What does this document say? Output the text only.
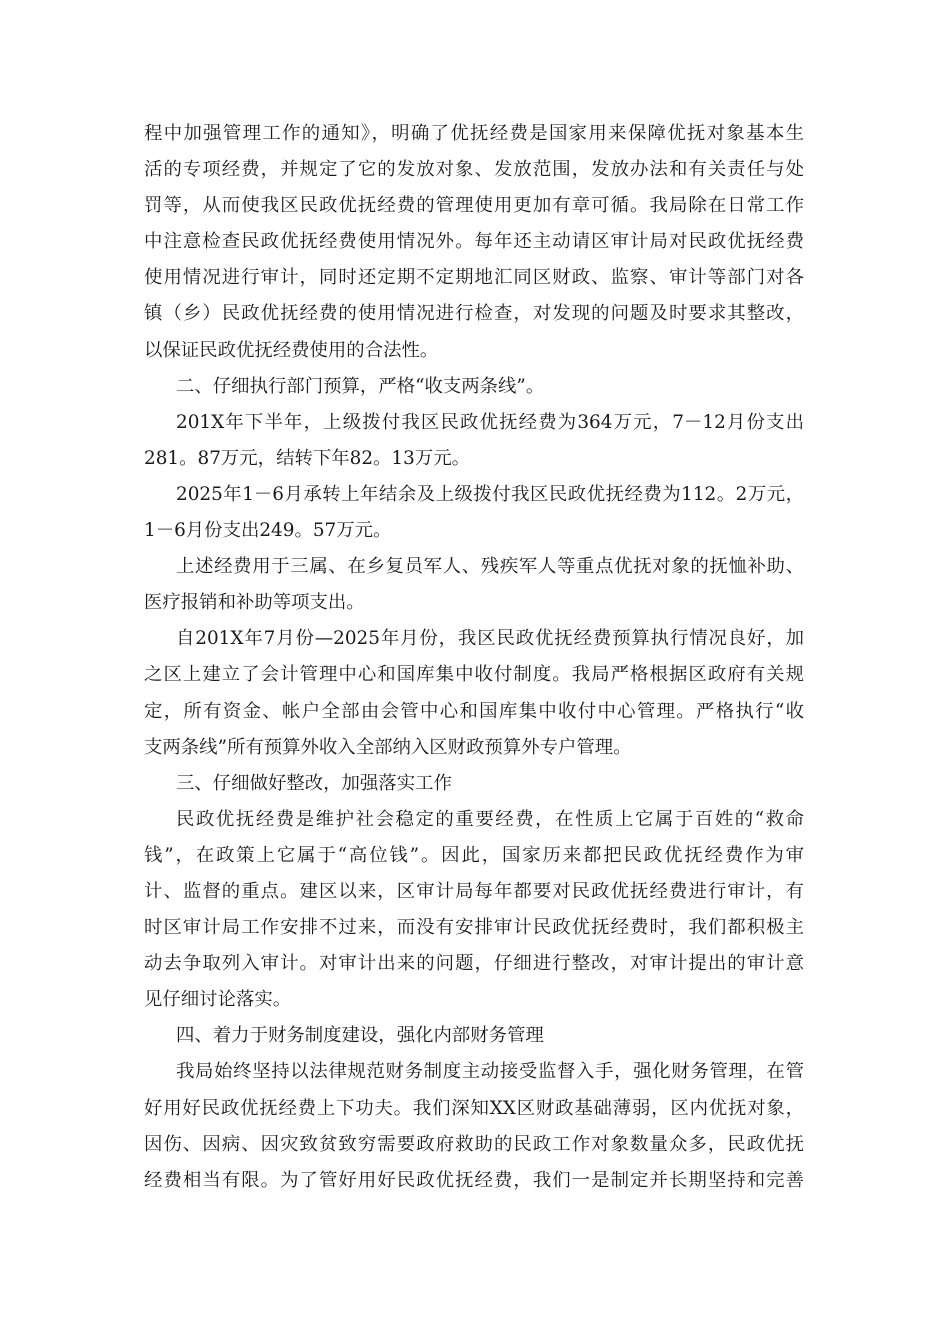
程中加强管理工作的通知》，明确了优抚经费是国家用来保障优抚对象基本生
活的专项经费，并规定了它的发放对象、发放范围，发放办法和有关责任与处
罚等，从而使我区民政优抚经费的管理使用更加有章可循。我局除在日常工作
中注意检查民政优抚经费使用情况外。每年还主动请区审计局对民政优抚经费
使用情况进行审计，同时还定期不定期地汇同区财政、监察、审计等部门对各
镇（乡）民政优抚经费的使用情况进行检查，对发现的问题及时要求其整改，
以保证民政优抚经费使用的合法性。
二、仔细执行部门预算，严格“收支两条线”。
201X年下半年，上级拨付我区民政优抚经费为364万元，7－12月份支出
281。87万元，结转下年82。13万元。
2025年1－6月承转上年结余及上级拨付我区民政优抚经费为112。2万元，
1－6月份支出249。57万元。
上述经费用于三属、在乡复员军人、残疾军人等重点优抚对象的抚恤补助、
医疗报销和补助等项支出。
自201X年7月份—2025年月份，我区民政优抚经费预算执行情况良好，加
之区上建立了会计管理中心和国库集中收付制度。我局严格根据区政府有关规
定，所有资金、帐户全部由会管中心和国库集中收付中心管理。严格执行“收
支两条线”所有预算外收入全部纳入区财政预算外专户管理。
三、仔细做好整改，加强落实工作
民政优抚经费是维护社会稳定的重要经费，在性质上它属于百姓的“救命
钱”，在政策上它属于“高位钱”。因此，国家历来都把民政优抚经费作为审
计、监督的重点。建区以来，区审计局每年都要对民政优抚经费进行审计，有
时区审计局工作安排不过来，而没有安排审计民政优抚经费时，我们都积极主
动去争取列入审计。对审计出来的问题，仔细进行整改，对审计提出的审计意
见仔细讨论落实。
四、着力于财务制度建设，强化内部财务管理
我局始终坚持以法律规范财务制度主动接受监督入手，强化财务管理，在管
好用好民政优抚经费上下功夫。我们深知XX区财政基础薄弱，区内优抚对象，
因伤、因病、因灾致贫致穷需要政府救助的民政工作对象数量众多，民政优抚
经费相当有限。为了管好用好民政优抚经费，我们一是制定并长期坚持和完善
